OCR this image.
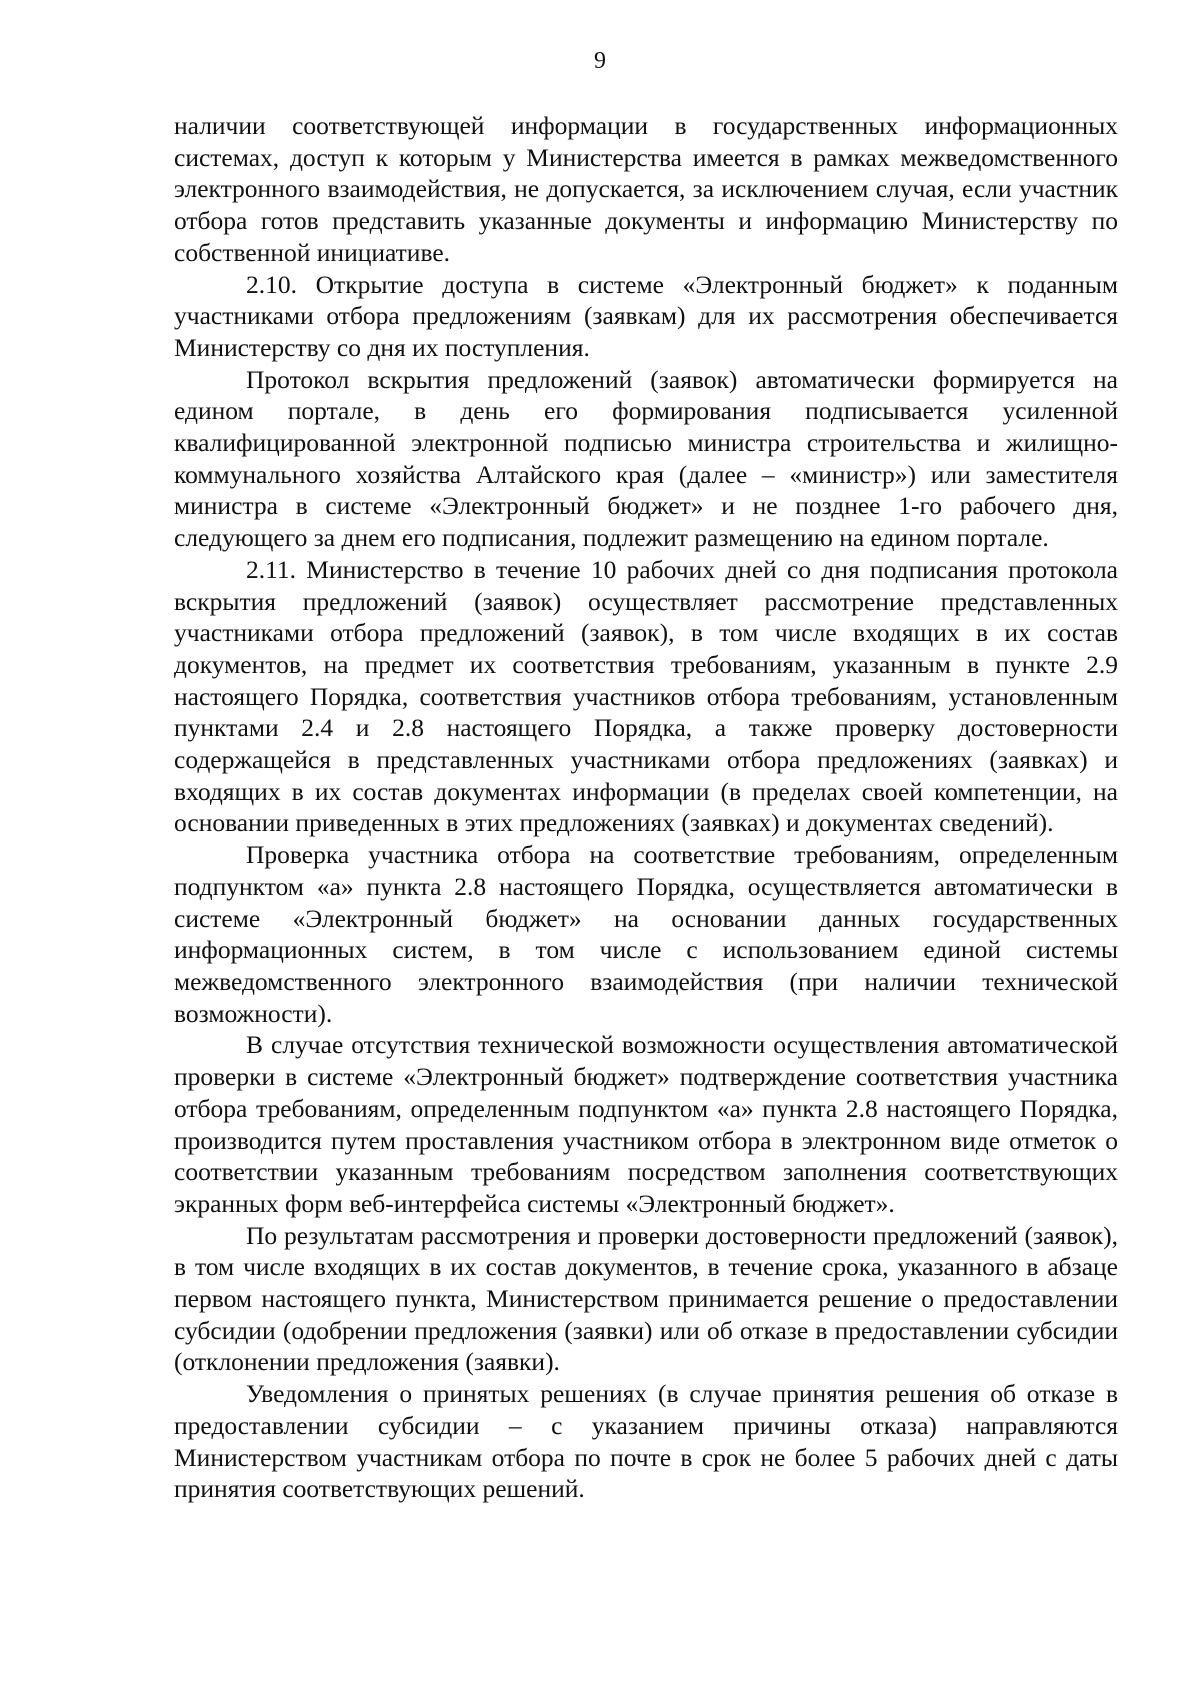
9

наличии соответствующей информации в государственных информационных системах, доступ к которым у Министерства имеется в рамках межведомственного электронного взаимодействия, не допускается, за исключением случая, если участник отбора готов представить указанные документы и информацию Министерству по собственной инициативе.

2.10. Открытие доступа в системе «Электронный бюджет» к поданным участниками отбора предложениям (заявкам) для их рассмотрения обеспечивается Министерству со дня их поступления.

Протокол вскрытия предложений (заявок) автоматически формируется на едином портале, в день его формирования подписывается усиленной квалифицированной электронной подписью министра строительства и жилищно-коммунального хозяйства Алтайского края (далее – «министр») или заместителя министра в системе «Электронный бюджет» и не позднее 1-го рабочего дня, следующего за днем его подписания, подлежит размещению на едином портале.

2.11. Министерство в течение 10 рабочих дней со дня подписания протокола вскрытия предложений (заявок) осуществляет рассмотрение представленных участниками отбора предложений (заявок), в том числе входящих в их состав документов, на предмет их соответствия требованиям, указанным в пункте 2.9 настоящего Порядка, соответствия участников отбора требованиям, установленным пунктами 2.4 и 2.8 настоящего Порядка, а также проверку достоверности содержащейся в представленных участниками отбора предложениях (заявках) и входящих в их состав документах информации (в пределах своей компетенции, на основании приведенных в этих предложениях (заявках) и документах сведений).

Проверка участника отбора на соответствие требованиям, определенным подпунктом «а» пункта 2.8 настоящего Порядка, осуществляется автоматически в системе «Электронный бюджет» на основании данных государственных информационных систем, в том числе с использованием единой системы межведомственного электронного взаимодействия (при наличии технической возможности).

В случае отсутствия технической возможности осуществления автоматической проверки в системе «Электронный бюджет» подтверждение соответствия участника отбора требованиям, определенным подпунктом «а» пункта 2.8 настоящего Порядка, производится путем проставления участником отбора в электронном виде отметок о соответствии указанным требованиям посредством заполнения соответствующих экранных форм веб-интерфейса системы «Электронный бюджет».

По результатам рассмотрения и проверки достоверности предложений (заявок), в том числе входящих в их состав документов, в течение срока, указанного в абзаце первом настоящего пункта, Министерством принимается решение о предоставлении субсидии (одобрении предложения (заявки) или об отказе в предоставлении субсидии (отклонении предложения (заявки).

Уведомления о принятых решениях (в случае принятия решения об отказе в предоставлении субсидии – с указанием причины отказа) направляются Министерством участникам отбора по почте в срок не более 5 рабочих дней с даты принятия соответствующих решений.
